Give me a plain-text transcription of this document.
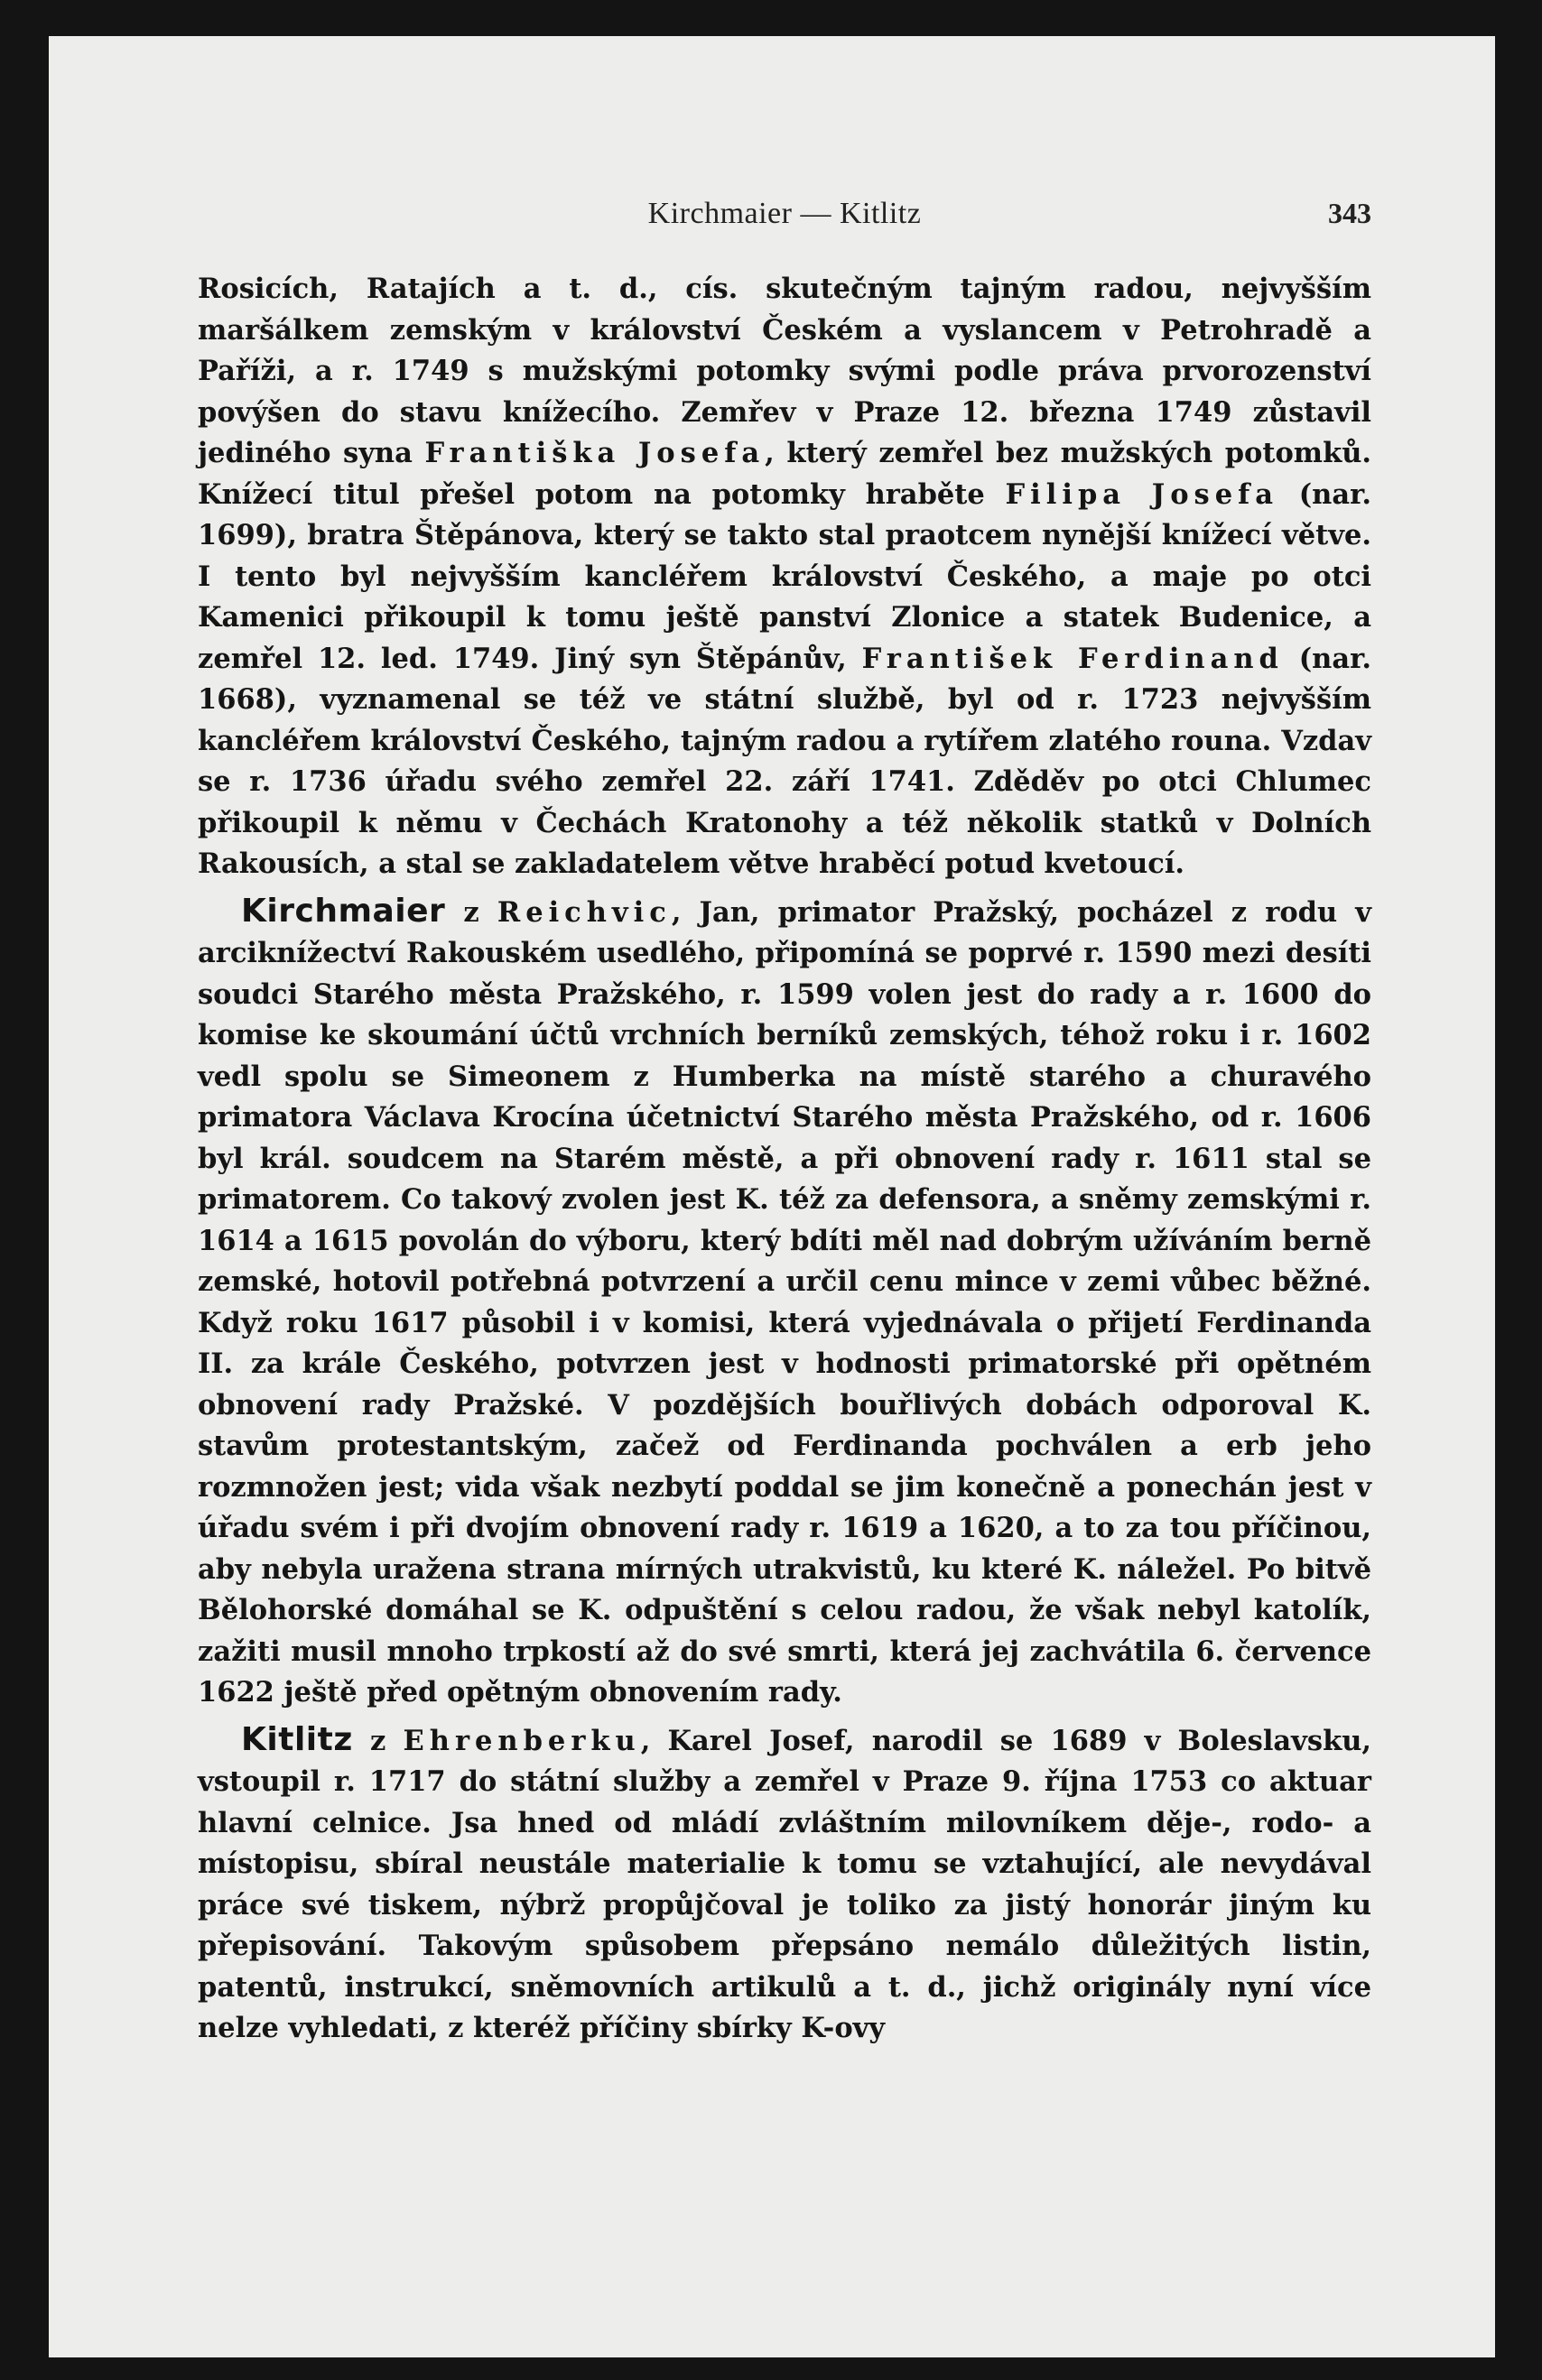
Kirchmaier — Kitlitz	343

Rosicích, Ratajích a t. d., cís. skutečným tajným radou, nejvyšším maršálkem zemským v království Českém a vyslancem v Petrohradě a Paříži, a r. 1749 s mužskými potomky svými podle práva prvorozenství povýšen do stavu knížecího. Zemřev v Praze 12. března 1749 zůstavil jediného syna Františka Josefa, který zemřel bez mužských potomků. Knížecí titul přešel potom na potomky hraběte Filipa Josefa (nar. 1699), bratra Štěpánova, který se takto stal praotcem nynější knížecí větve. I tento byl nejvyšším kancléřem království Českého, a maje po otci Kamenici přikoupil k tomu ještě panství Zlonice a statek Budenice, a zemřel 12. led. 1749. Jiný syn Štěpánův, František Ferdinand (nar. 1668), vyznamenal se též ve státní službě, byl od r. 1723 nejvyšším kancléřem království Českého, tajným radou a rytířem zlatého rouna. Vzdav se r. 1736 úřadu svého zemřel 22. září 1741. Zděděv po otci Chlumec přikoupil k němu v Čechách Kratonohy a též několik statků v Dolních Rakousích, a stal se zakladatelem větve hraběcí potud kvetoucí.

Kirchmaier z Reichvic, Jan, primator Pražský, pocházel z rodu v arciknížectví Rakouském usedlého, připomíná se poprvé r. 1590 mezi desíti soudci Starého města Pražského, r. 1599 volen jest do rady a r. 1600 do komise ke skoumání účtů vrchních berníků zemských, téhož roku i r. 1602 vedl spolu se Simeonem z Humberka na místě starého a churavého primatora Václava Krocína účetnictví Starého města Pražského, od r. 1606 byl král. soudcem na Starém městě, a při obnovení rady r. 1611 stal se primatorem. Co takový zvolen jest K. též za defensora, a sněmy zemskými r. 1614 a 1615 povolán do výboru, který bdíti měl nad dobrým užíváním berně zemské, hotovil potřebná potvrzení a určil cenu mince v zemi vůbec běžné. Když roku 1617 působil i v komisi, která vyjednávala o přijetí Ferdinanda II. za krále Českého, potvrzen jest v hodnosti primatorské při opětném obnovení rady Pražské. V pozdějších bouřlivých dobách odporoval K. stavům protestantským, začež od Ferdinanda pochválen a erb jeho rozmnožen jest; vida však nezbytí poddal se jim konečně a ponechán jest v úřadu svém i při dvojím obnovení rady r. 1619 a 1620, a to za tou příčinou, aby nebyla uražena strana mírných utrakvistů, ku které K. náležel. Po bitvě Bělohorské domáhal se K. odpuštění s celou radou, že však nebyl katolík, zažiti musil mnoho trpkostí až do své smrti, která jej zachvátila 6. července 1622 ještě před opětným obnovením rady.

Kitlitz z Ehrenberku, Karel Josef, narodil se 1689 v Boleslavsku, vstoupil r. 1717 do státní služby a zemřel v Praze 9. října 1753 co aktuar hlavní celnice. Jsa hned od mládí zvláštním milovníkem děje-, rodo- a místopisu, sbíral neustále materialie k tomu se vztahující, ale nevydával práce své tiskem, nýbrž propůjčoval je toliko za jistý honorár jiným ku přepisování. Takovým spůsobem přepsáno nemálo důležitých listin, patentů, instrukcí, sněmovních artikulů a t. d., jichž originály nyní více nelze vyhledati, z kteréž příčiny sbírky K-ovy
